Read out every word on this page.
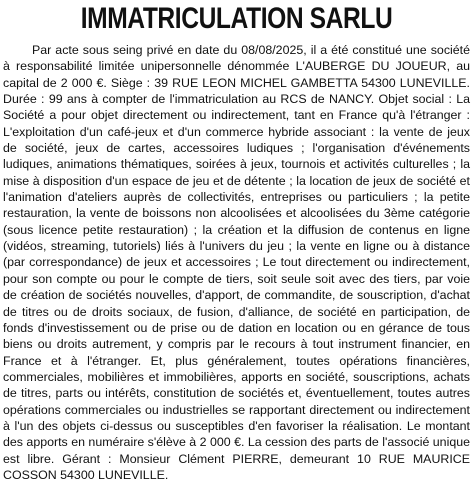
IMMATRICULATION SARLU

Par acte sous seing privé en date du 08/08/2025, il a été constitué une société à responsabilité limitée unipersonnelle dénommée L'AUBERGE DU JOUEUR, au capital de 2 000 €. Siège : 39 RUE LEON MICHEL GAMBETTA 54300 LUNEVILLE. Durée : 99 ans à compter de l'immatriculation au RCS de NANCY. Objet social : La Société a pour objet directement ou indirectement, tant en France qu'à l'étranger : L'exploitation d'un café-jeux et d'un commerce hybride associant : la vente de jeux de société, jeux de cartes, accessoires ludiques ; l'organisation d'événements ludiques, animations thématiques, soirées à jeux, tournois et activités culturelles ; la mise à disposition d'un espace de jeu et de détente ; la location de jeux de société et l'animation d'ateliers auprès de collectivités, entreprises ou particuliers ; la petite restauration, la vente de boissons non alcoolisées et alcoolisées du 3ème catégorie (sous licence petite restauration) ; la création et la diffusion de contenus en ligne (vidéos, streaming, tutoriels) liés à l'univers du jeu ; la vente en ligne ou à distance (par correspondance) de jeux et accessoires ; Le tout directement ou indirectement, pour son compte ou pour le compte de tiers, soit seule soit avec des tiers, par voie de création de sociétés nouvelles, d'apport, de commandite, de souscription, d'achat de titres ou de droits sociaux, de fusion, d'alliance, de société en participation, de fonds d'investissement ou de prise ou de dation en location ou en gérance de tous biens ou droits autrement, y compris par le recours à tout instrument financier, en France et à l'étranger. Et, plus généralement, toutes opérations financières, commerciales, mobilières et immobilières, apports en société, souscriptions, achats de titres, parts ou intérêts, constitution de sociétés et, éventuellement, toutes autres opérations commerciales ou industrielles se rapportant directement ou indirectement à l'un des objets ci-dessus ou susceptibles d'en favoriser la réalisation. Le montant des apports en numéraire s'élève à 2 000 €. La cession des parts de l'associé unique est libre. Gérant : Monsieur Clément PIERRE, demeurant 10 RUE MAURICE COSSON 54300 LUNEVILLE.
